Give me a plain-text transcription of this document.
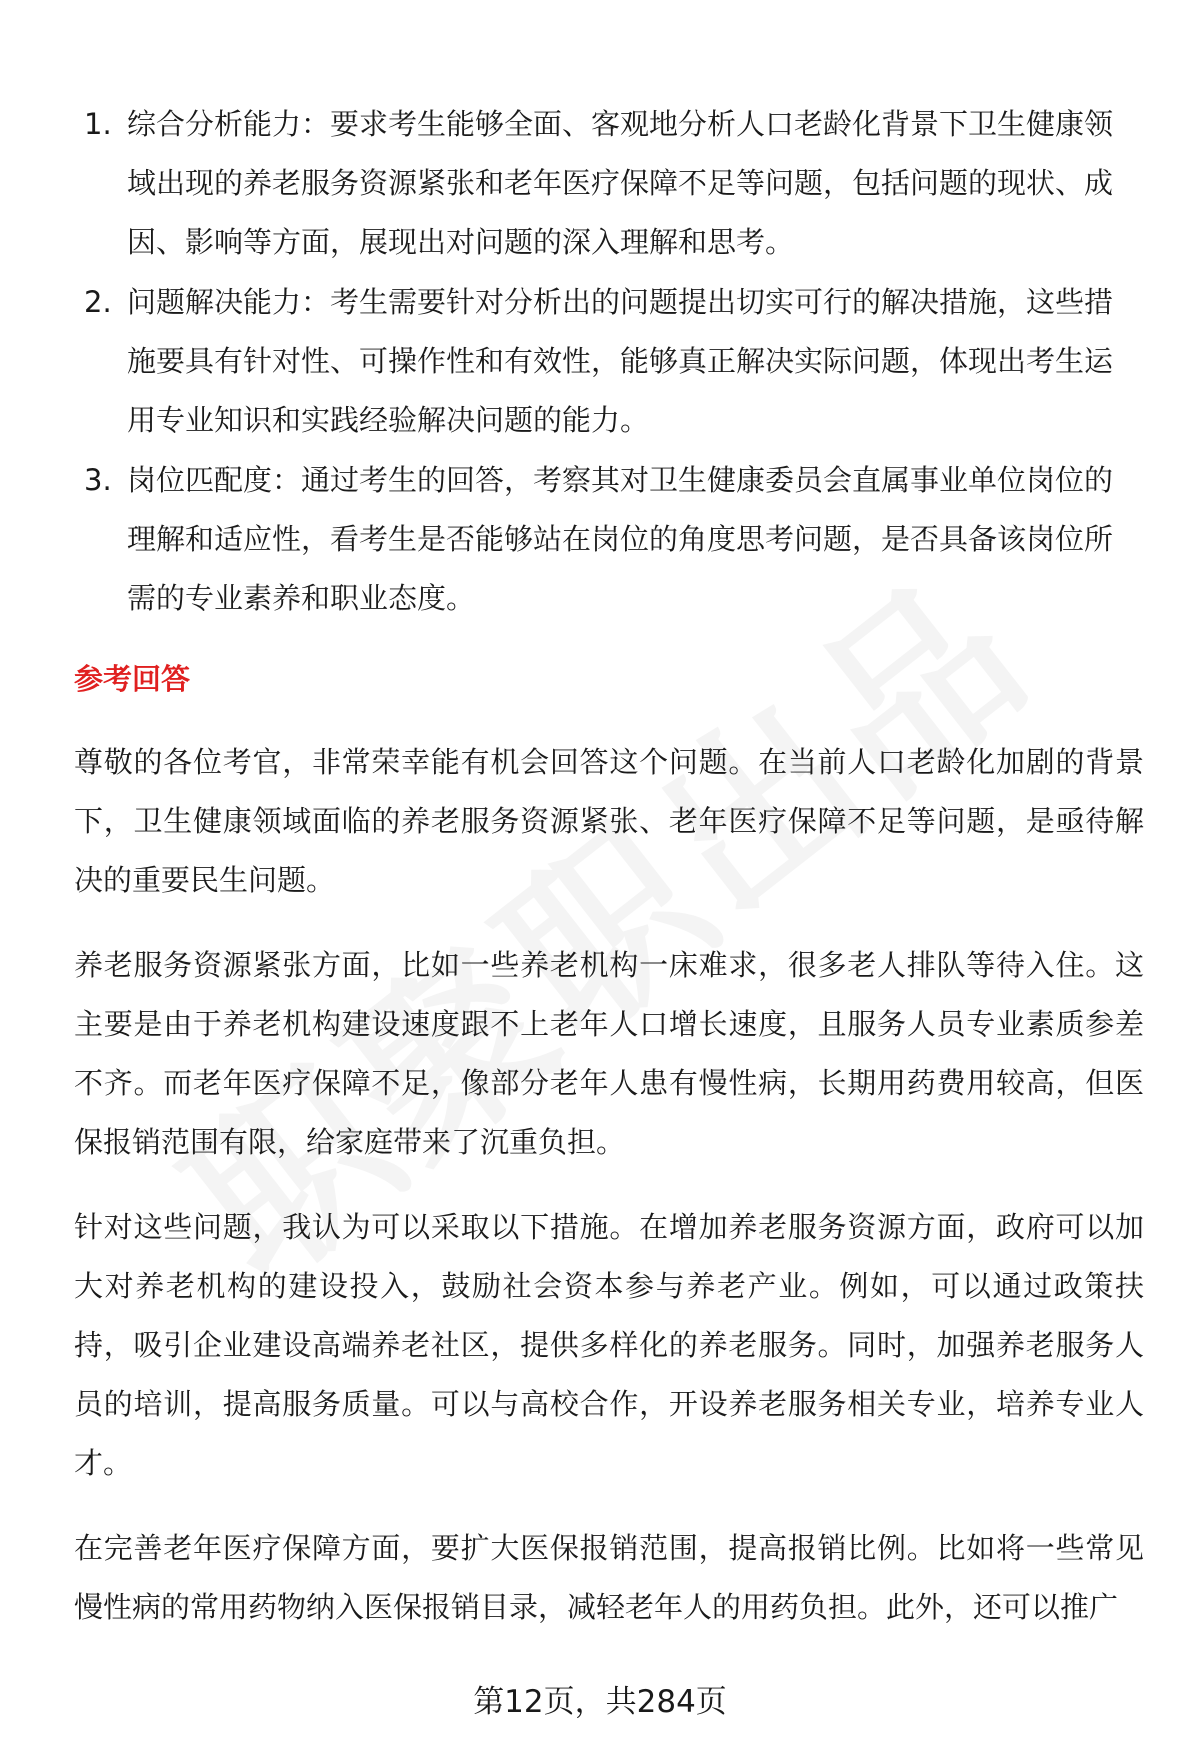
1. 综合分析能力：要求考生能够全面、客观地分析人口老龄化背景下卫生健康领域出现的养老服务资源紧张和老年医疗保障不足等问题，包括问题的现状、成因、影响等方面，展现出对问题的深入理解和思考。
2. 问题解决能力：考生需要针对分析出的问题提出切实可行的解决措施，这些措施要具有针对性、可操作性和有效性，能够真正解决实际问题，体现出考生运用专业知识和实践经验解决问题的能力。
3. 岗位匹配度：通过考生的回答，考察其对卫生健康委员会直属事业单位岗位的理解和适应性，看考生是否能够站在岗位的角度思考问题，是否具备该岗位所需的专业素养和职业态度。
参考回答

尊敬的各位考官，非常荣幸能有机会回答这个问题。在当前人口老龄化加剧的背景下，卫生健康领域面临的养老服务资源紧张、老年医疗保障不足等问题，是亟待解决的重要民生问题。

养老服务资源紧张方面，比如一些养老机构一床难求，很多老人排队等待入住。这主要是由于养老机构建设速度跟不上老年人口增长速度，且服务人员专业素质参差不齐。而老年医疗保障不足，像部分老年人患有慢性病，长期用药费用较高，但医保报销范围有限，给家庭带来了沉重负担。

针对这些问题，我认为可以采取以下措施。在增加养老服务资源方面，政府可以加大对养老机构的建设投入，鼓励社会资本参与养老产业。例如，可以通过政策扶持，吸引企业建设高端养老社区，提供多样化的养老服务。同时，加强养老服务人员的培训，提高服务质量。可以与高校合作，开设养老服务相关专业，培养专业人才。

在完善老年医疗保障方面，要扩大医保报销范围，提高报销比例。比如将一些常见慢性病的常用药物纳入医保报销目录，减轻老年人的用药负担。此外，还可以推广

第12页，共284页
